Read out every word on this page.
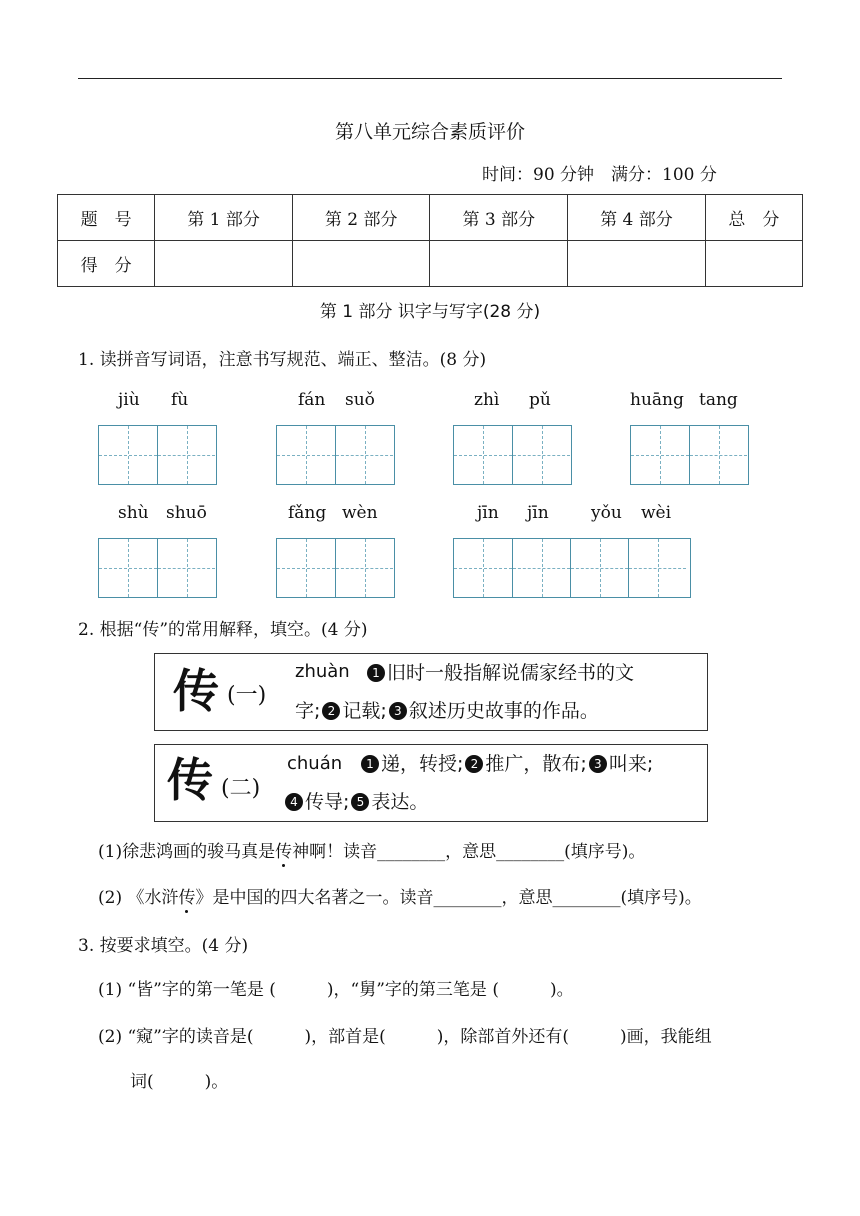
第八单元综合素质评价
时间：90 分钟　满分：100 分
题　号	第 1 部分	第 2 部分	第 3 部分	第 4 部分	总　分
得　分					
第 1 部分 识字与写字(28 分)
1. 读拼音写词语，注意书写规范、端正、整洁。(8 分)
jiù fù	fán suǒ	zhì pǔ	huāng tang
shù shuō	fǎng wèn	jīn jīn yǒu wèi
2. 根据“传”的常用解释，填空。(4 分)
传 (一)
zhuàn	1 旧时一般指解说儒家经书的文
字; 2 记载; 3 叙述历史故事的作品。
传 (二)
chuán	1 递，转授; 2 推广，散布; 3 叫来;
4 传导; 5 表达。
(1)徐悲鸿画的骏马真是传神啊！读音________，意思________(填序号)。
(2) 《水浒传》是中国的四大名著之一。读音________，意思________(填序号)。
3. 按要求填空。(4 分)
(1) “皆”字的第一笔是 (　　　)，“舅”字的第三笔是 (　　　)。
(2) “窥”字的读音是(　　　)，部首是(　　　)，除部首外还有(　　　)画，我能组
词(　　　)。
